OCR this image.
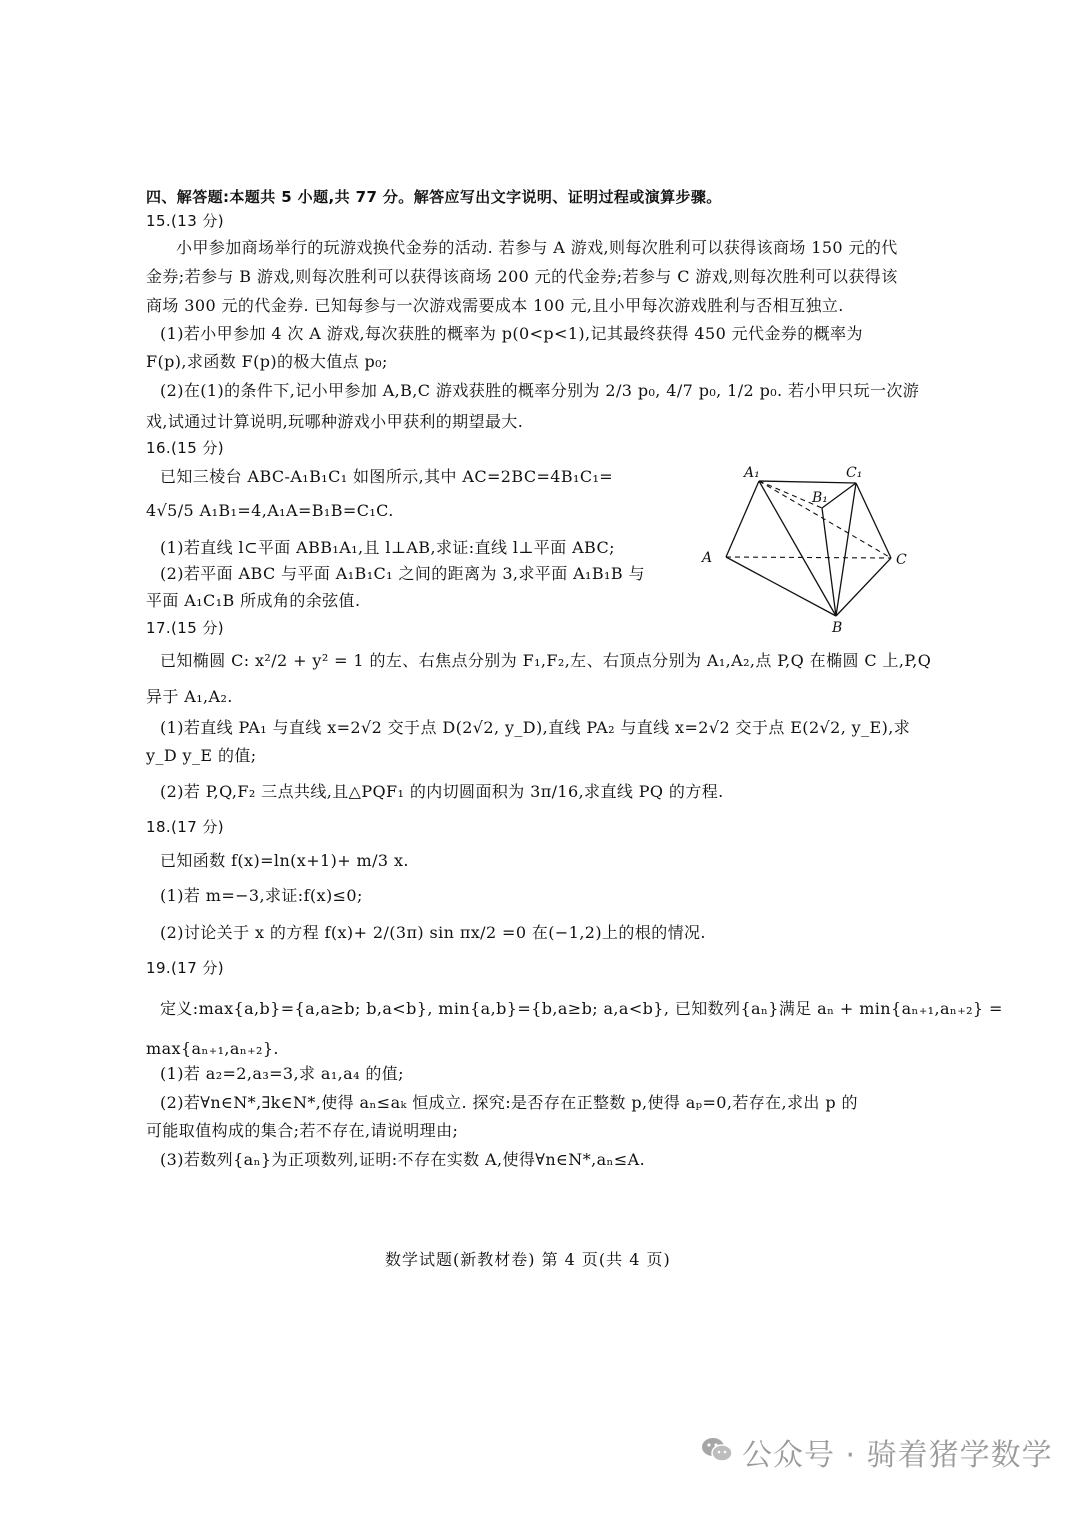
四、解答题:本题共 5 小题,共 77 分。解答应写出文字说明、证明过程或演算步骤。
15.(13 分)
小甲参加商场举行的玩游戏换代金券的活动. 若参与 A 游戏,则每次胜利可以获得该商场 150 元的代
金券;若参与 B 游戏,则每次胜利可以获得该商场 200 元的代金券;若参与 C 游戏,则每次胜利可以获得该
商场 300 元的代金券. 已知每参与一次游戏需要成本 100 元,且小甲每次游戏胜利与否相互独立.
(1)若小甲参加 4 次 A 游戏,每次获胜的概率为 p(0<p<1),记其最终获得 450 元代金券的概率为
F(p),求函数 F(p)的极大值点 p₀;
(2)在(1)的条件下,记小甲参加 A,B,C 游戏获胜的概率分别为 2/3 p₀, 4/7 p₀, 1/2 p₀. 若小甲只玩一次游
戏,试通过计算说明,玩哪种游戏小甲获利的期望最大.
16.(15 分)
已知三棱台 ABC-A₁B₁C₁ 如图所示,其中 AC=2BC=4B₁C₁=
4√5/5 A₁B₁=4,A₁A=B₁B=C₁C.
(1)若直线 l⊂平面 ABB₁A₁,且 l⊥AB,求证:直线 l⊥平面 ABC;
(2)若平面 ABC 与平面 A₁B₁C₁ 之间的距离为 3,求平面 A₁B₁B 与
平面 A₁C₁B 所成角的余弦值.
A₁	C₁
B₁
A	C
B
17.(15 分)
已知椭圆 C: x²/2 + y² = 1 的左、右焦点分别为 F₁,F₂,左、右顶点分别为 A₁,A₂,点 P,Q 在椭圆 C 上,P,Q
异于 A₁,A₂.
(1)若直线 PA₁ 与直线 x=2√2 交于点 D(2√2, y_D),直线 PA₂ 与直线 x=2√2 交于点 E(2√2, y_E),求
y_D y_E 的值;
(2)若 P,Q,F₂ 三点共线,且△PQF₁ 的内切圆面积为 3π/16,求直线 PQ 的方程.
18.(17 分)
已知函数 f(x)=ln(x+1)+ m/3 x.
(1)若 m=−3,求证:f(x)≤0;
(2)讨论关于 x 的方程 f(x)+ 2/(3π) sin πx/2 =0 在(−1,2)上的根的情况.
19.(17 分)
定义:max{a,b}={a,a≥b; b,a<b}, min{a,b}={b,a≥b; a,a<b}, 已知数列{aₙ}满足 aₙ + min{aₙ₊₁,aₙ₊₂} =
max{aₙ₊₁,aₙ₊₂}.
(1)若 a₂=2,a₃=3,求 a₁,a₄ 的值;
(2)若∀n∈N*,∃k∈N*,使得 aₙ≤aₖ 恒成立. 探究:是否存在正整数 p,使得 aₚ=0,若存在,求出 p 的
可能取值构成的集合;若不存在,请说明理由;
(3)若数列{aₙ}为正项数列,证明:不存在实数 A,使得∀n∈N*,aₙ≤A.
数学试题(新教材卷) 第 4 页(共 4 页)
公众号 · 骑着猪学数学
